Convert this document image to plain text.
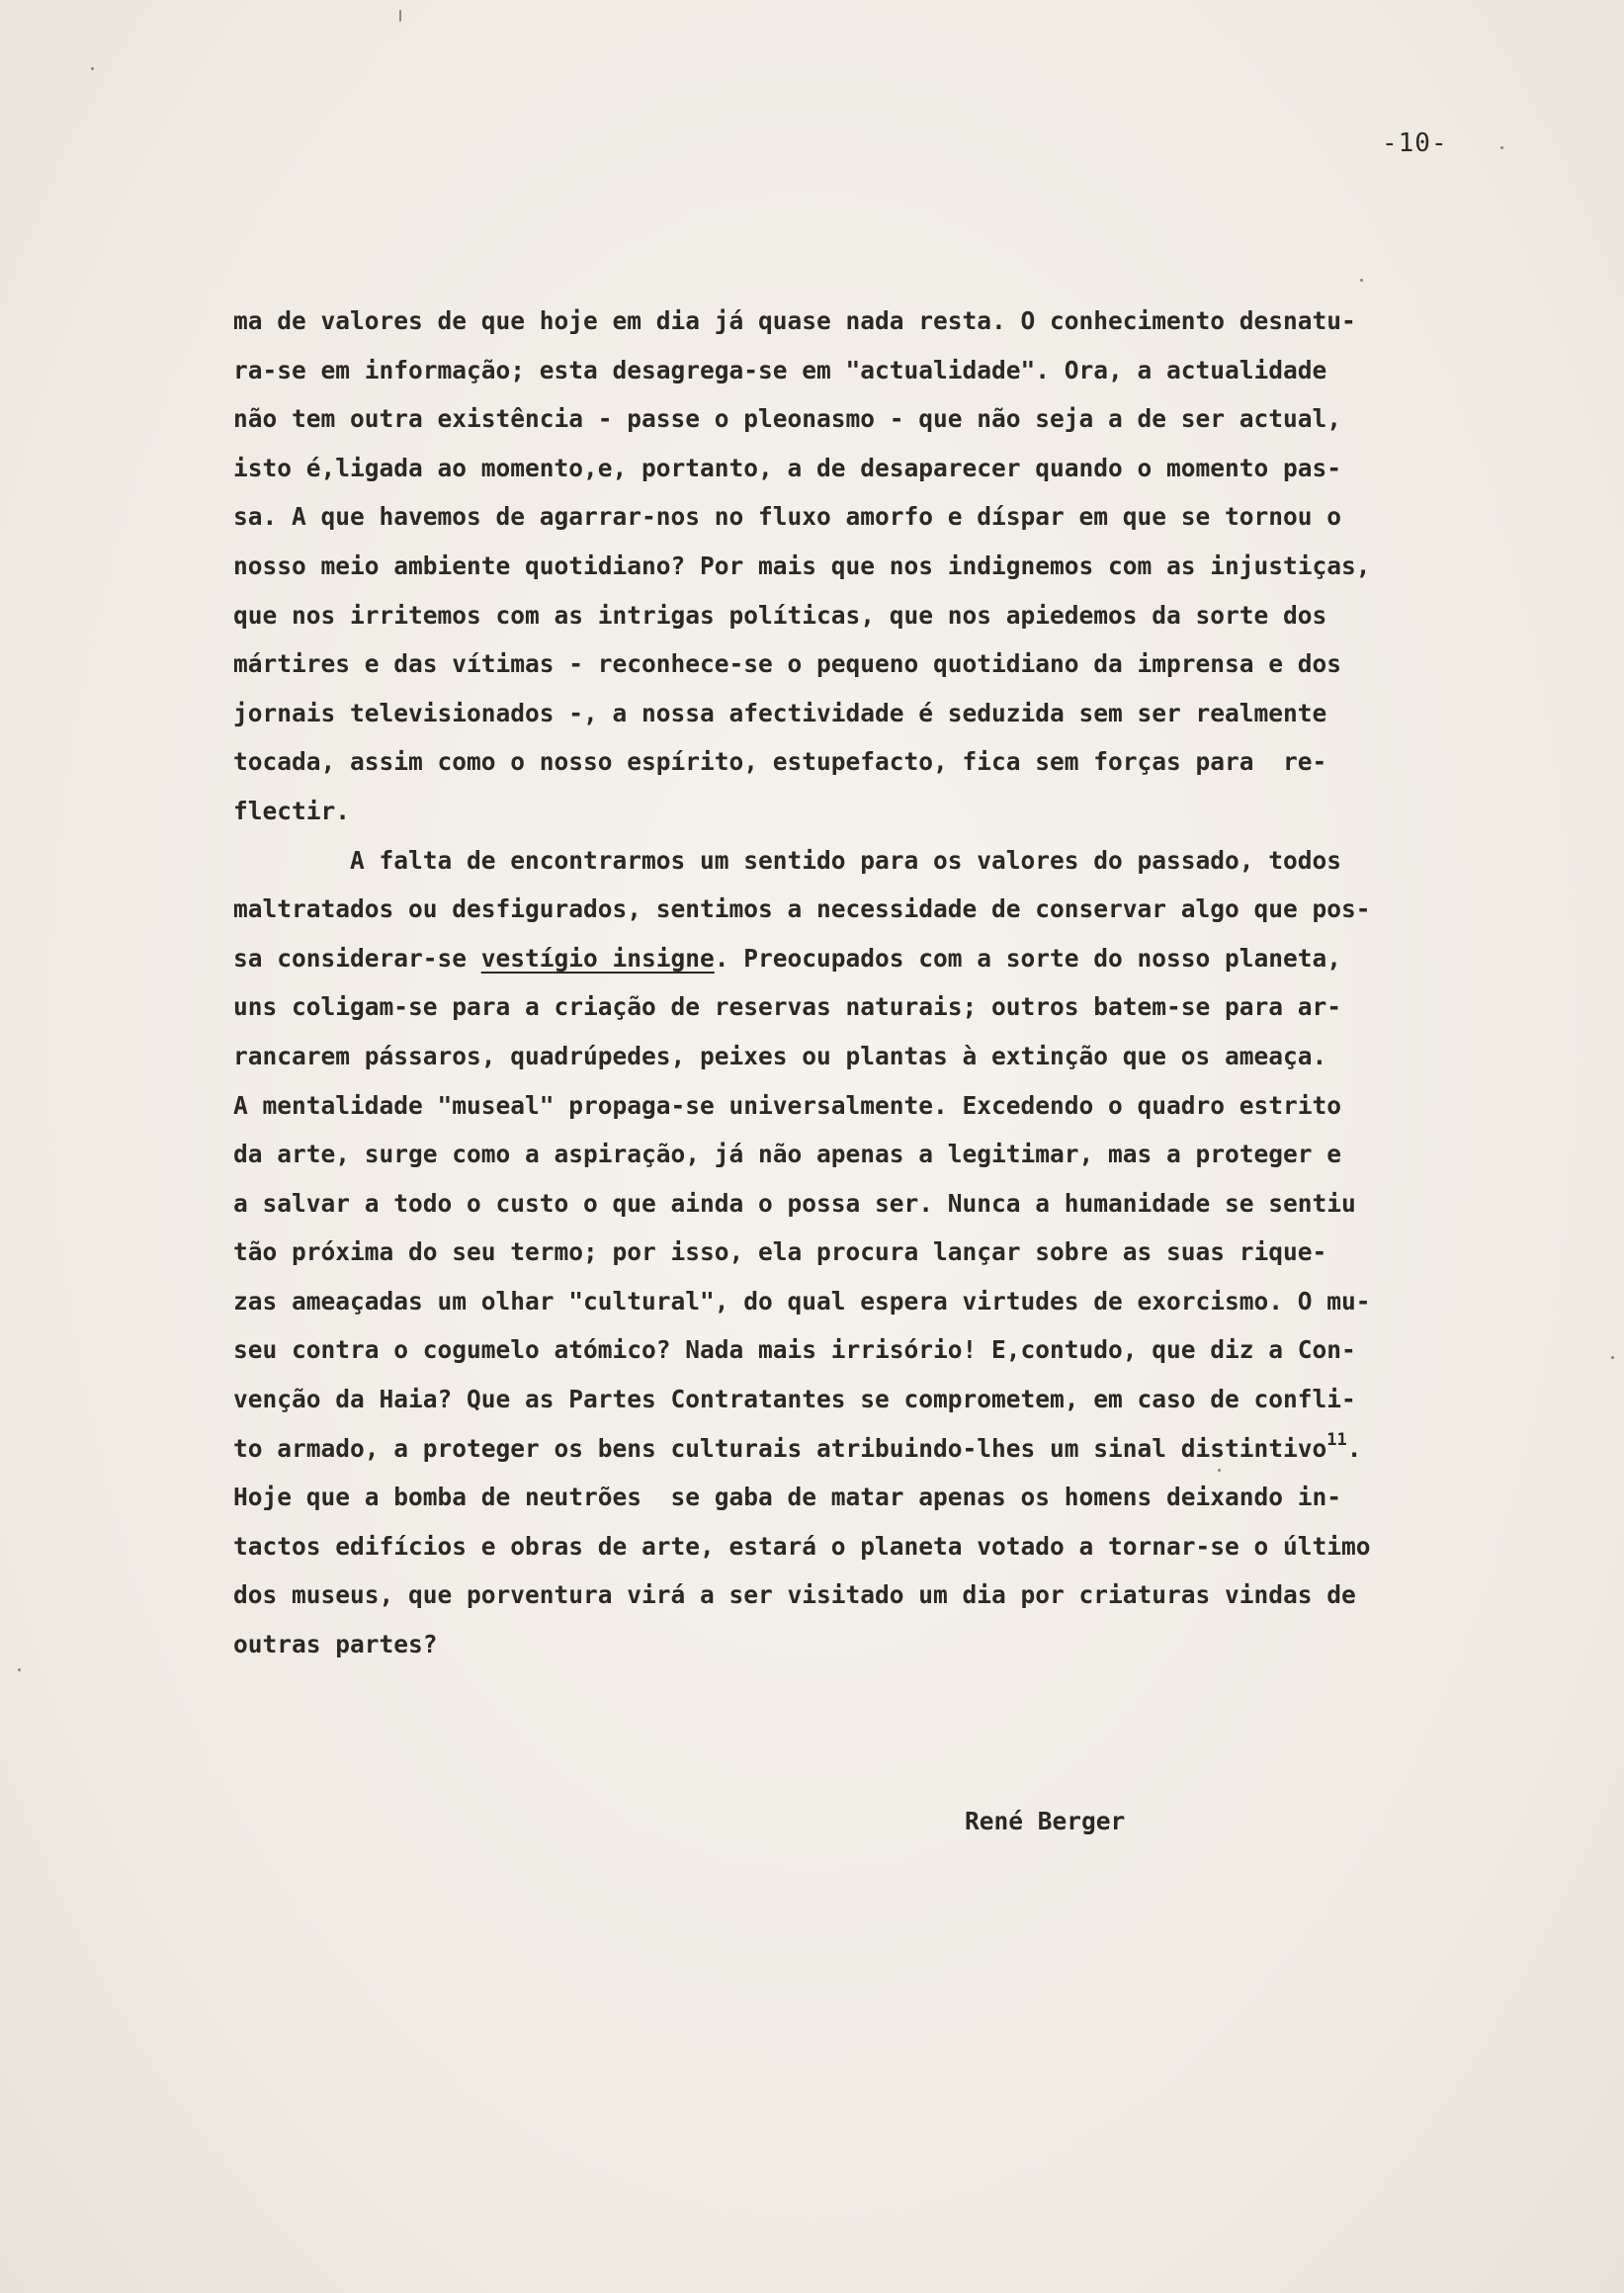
-10-
ma de valores de que hoje em dia já quase nada resta. O conhecimento desnatu-
ra-se em informação; esta desagrega-se em "actualidade". Ora, a actualidade
não tem outra existência - passe o pleonasmo - que não seja a de ser actual,
isto é,ligada ao momento,e, portanto, a de desaparecer quando o momento pas-
sa. A que havemos de agarrar-nos no fluxo amorfo e díspar em que se tornou o
nosso meio ambiente quotidiano? Por mais que nos indignemos com as injustiças,
que nos irritemos com as intrigas políticas, que nos apiedemos da sorte dos
mártires e das vítimas - reconhece-se o pequeno quotidiano da imprensa e dos
jornais televisionados -, a nossa afectividade é seduzida sem ser realmente
tocada, assim como o nosso espírito, estupefacto, fica sem forças para  re-
flectir.
A falta de encontrarmos um sentido para os valores do passado, todos
maltratados ou desfigurados, sentimos a necessidade de conservar algo que pos-
sa considerar-se vestígio insigne. Preocupados com a sorte do nosso planeta,
uns coligam-se para a criação de reservas naturais; outros batem-se para ar-
rancarem pássaros, quadrúpedes, peixes ou plantas à extinção que os ameaça.
A mentalidade "museal" propaga-se universalmente. Excedendo o quadro estrito
da arte, surge como a aspiração, já não apenas a legitimar, mas a proteger e
a salvar a todo o custo o que ainda o possa ser. Nunca a humanidade se sentiu
tão próxima do seu termo; por isso, ela procura lançar sobre as suas rique-
zas ameaçadas um olhar "cultural", do qual espera virtudes de exorcismo. O mu-
seu contra o cogumelo atómico? Nada mais irrisório! E,contudo, que diz a Con-
venção da Haia? Que as Partes Contratantes se comprometem, em caso de confli-
to armado, a proteger os bens culturais atribuindo-lhes um sinal distintivo$^{11}$.
Hoje que a bomba de neutrões  se gaba de matar apenas os homens deixando in-
tactos edifícios e obras de arte, estará o planeta votado a tornar-se o último
dos museus, que porventura virá a ser visitado um dia por criaturas vindas de
outras partes?
René Berger
